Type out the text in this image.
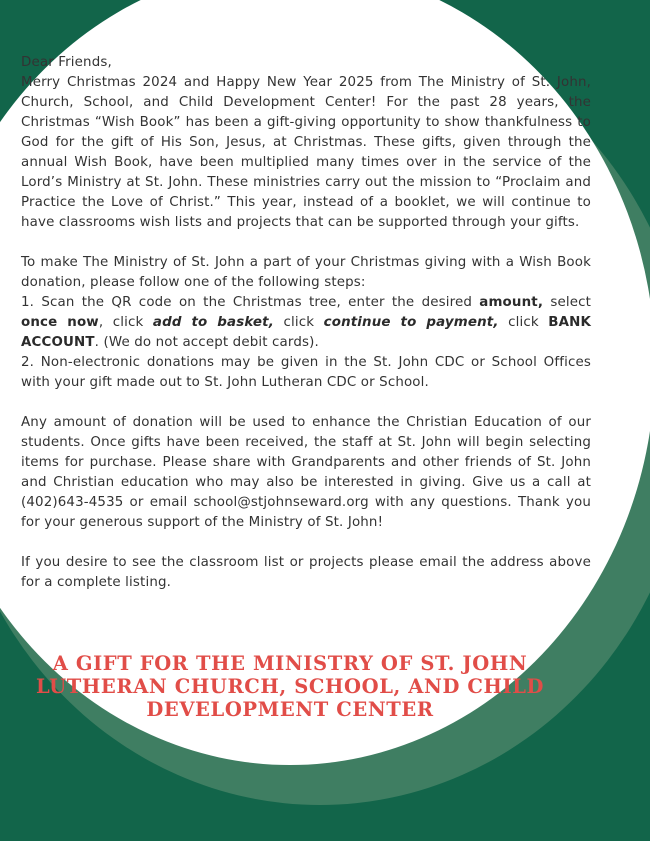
Dear Friends,

Merry Christmas 2024 and Happy New Year 2025 from The Ministry of St. John, Church, School, and Child Development Center! For the past 28 years, the Christmas “Wish Book” has been a gift-giving opportunity to show thankfulness to God for the gift of His Son, Jesus, at Christmas. These gifts, given through the annual Wish Book, have been multiplied many times over in the service of the Lord’s Ministry at St. John. These ministries carry out the mission to “Proclaim and Practice the Love of Christ.” This year, instead of a booklet, we will continue to have classrooms wish lists and projects that can be supported through your gifts.

To make The Ministry of St. John a part of your Christmas giving with a Wish Book donation, please follow one of the following steps:

1. Scan the QR code on the Christmas tree, enter the desired amount, select once now, click add to basket, click continue to payment, click BANK ACCOUNT. (We do not accept debit cards).

2. Non-electronic donations may be given in the St. John CDC or School Offices with your gift made out to St. John Lutheran CDC or School.

Any amount of donation will be used to enhance the Christian Education of our students. Once gifts have been received, the staff at St. John will begin selecting items for purchase. Please share with Grandparents and other friends of St. John and Christian education who may also be interested in giving. Give us a call at (402)643-4535 or email school@stjohnseward.org with any questions. Thank you for your generous support of the Ministry of St. John!

If you desire to see the classroom list or projects please email the address above for a complete listing.

A GIFT FOR THE MINISTRY OF ST. JOHN
LUTHERAN CHURCH, SCHOOL, AND CHILD
DEVELOPMENT CENTER
